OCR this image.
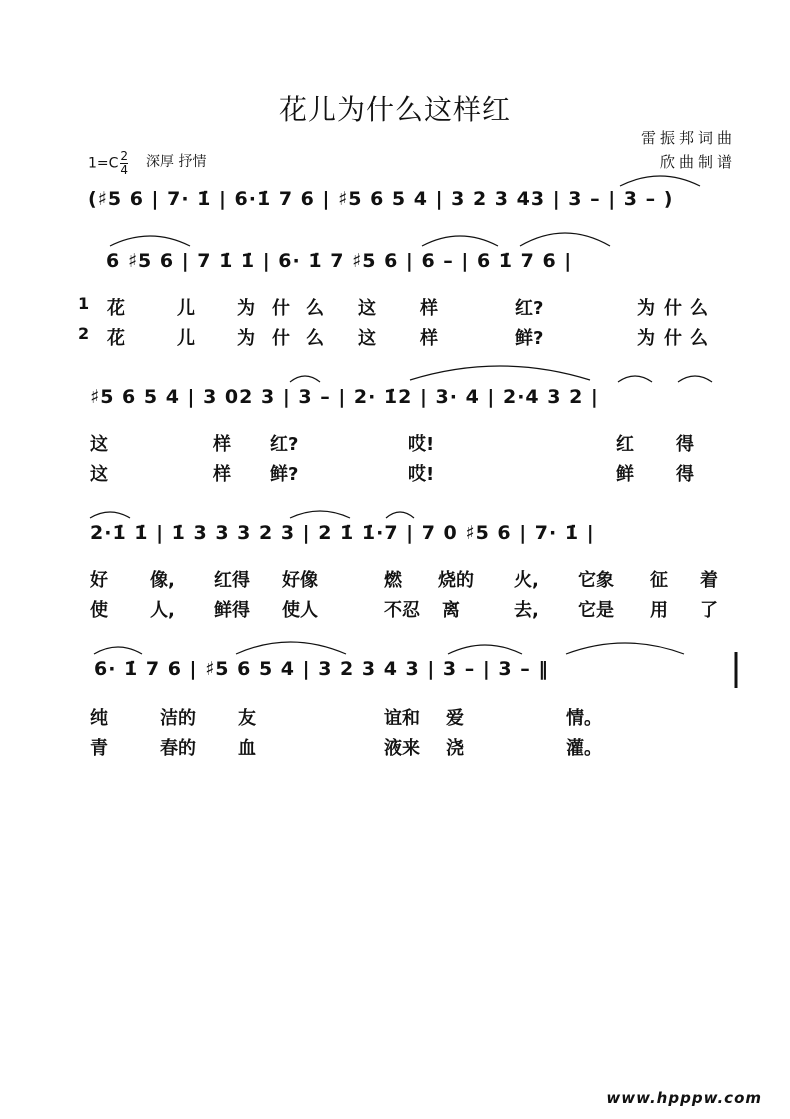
花儿为什么这样红
雷振邦词曲
欣曲制谱
$1=C \frac{2}{4}$ 深厚 抒情
(♯5 6 | 7· 1̇ | 6·1̇ 7 6 | ♯5 6 5 4 | 3 2 3 43 | 3 – | 3 – )
6 ♯5 6 | 7 1̇ 1̇ | 6· 1̇ 7 ♯5 6 | 6 – | 6 1̇ 7 6 |
♯5 6 5 4 | 3 02 3 | 3 – | 2· 1̇2 | 3· 4 | 2·4 3 2 |
2·1̇ 1̇ | 1̇ 3 3 3 2 3 | 2 1̇ 1̇·7 | 7 0 ♯5 6 | 7· 1̇ |
6· 1̇ 7 6 | ♯5 6 5 4 | 3 2 3 4 3 | 3 – | 3 – ‖
1 花	儿 为 什 么 这 样	红?	为 什 么
2 花	儿 为 什 么 这 样	鲜?	为 什 么
这	样 红?	哎!	红 得
这	样 鲜?	哎!	鲜 得
好 像, 红得 好像	燃 烧的 火, 它象 征 着
使 人, 鲜得 使人	不忍 离	去, 它是 用 了
纯	洁的 友	谊和 爱	情。
青	春的 血	液来 浇	灌。
www.hpppw.com
